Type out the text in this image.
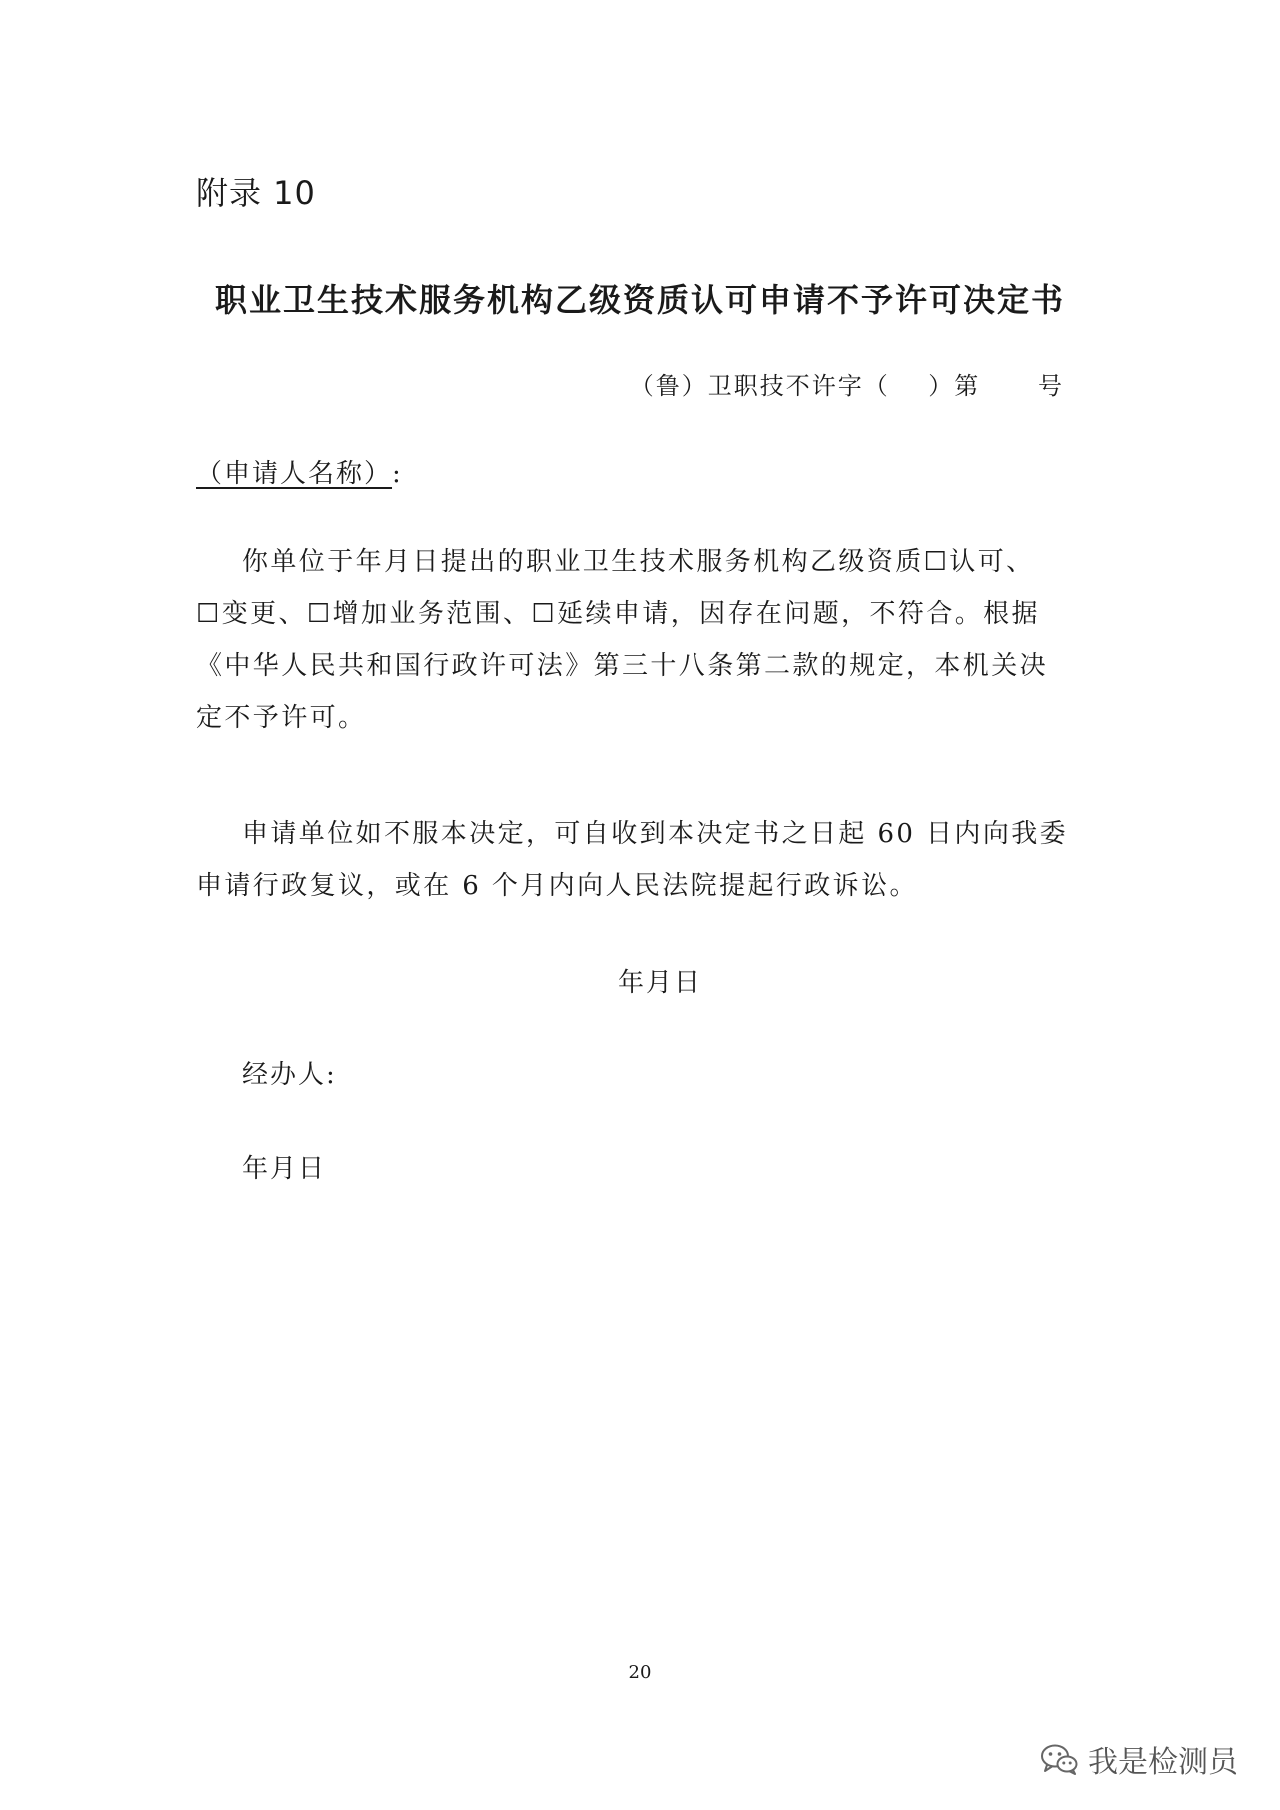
附录 10
职业卫生技术服务机构乙级资质认可申请不予许可决定书
（鲁）卫职技不许字（    ）第      号
（申请人名称）:
你单位于年月日提出的职业卫生技术服务机构乙级资质☐认可、
☐变更、☐增加业务范围、☐延续申请，因存在问题，不符合。根据
《中华人民共和国行政许可法》第三十八条第二款的规定，本机关决
定不予许可。
申请单位如不服本决定，可自收到本决定书之日起 60 日内向我委
申请行政复议，或在 6 个月内向人民法院提起行政诉讼。
年月日
经办人:
年月日
20
我是检测员
